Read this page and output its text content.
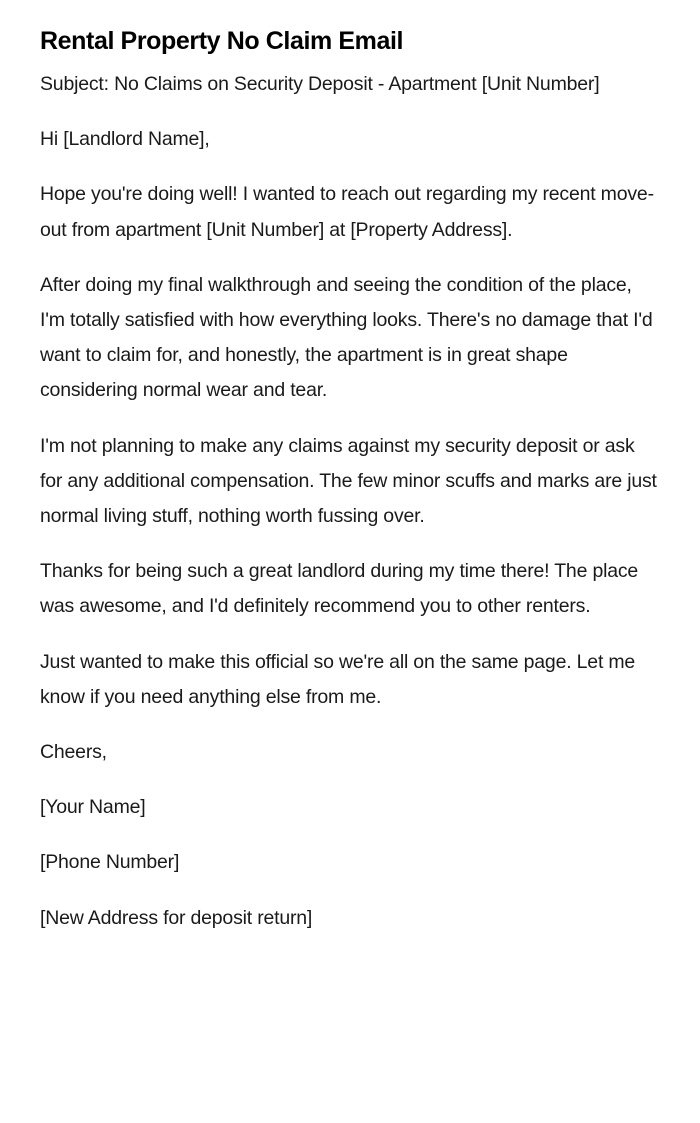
Rental Property No Claim Email

Subject: No Claims on Security Deposit - Apartment [Unit Number]

Hi [Landlord Name],

Hope you're doing well! I wanted to reach out regarding my recent move-out from apartment [Unit Number] at [Property Address].

After doing my final walkthrough and seeing the condition of the place, I'm totally satisfied with how everything looks. There's no damage that I'd want to claim for, and honestly, the apartment is in great shape considering normal wear and tear.

I'm not planning to make any claims against my security deposit or ask for any additional compensation. The few minor scuffs and marks are just normal living stuff, nothing worth fussing over.

Thanks for being such a great landlord during my time there! The place was awesome, and I'd definitely recommend you to other renters.

Just wanted to make this official so we're all on the same page. Let me know if you need anything else from me.

Cheers,

[Your Name]

[Phone Number]

[New Address for deposit return]
